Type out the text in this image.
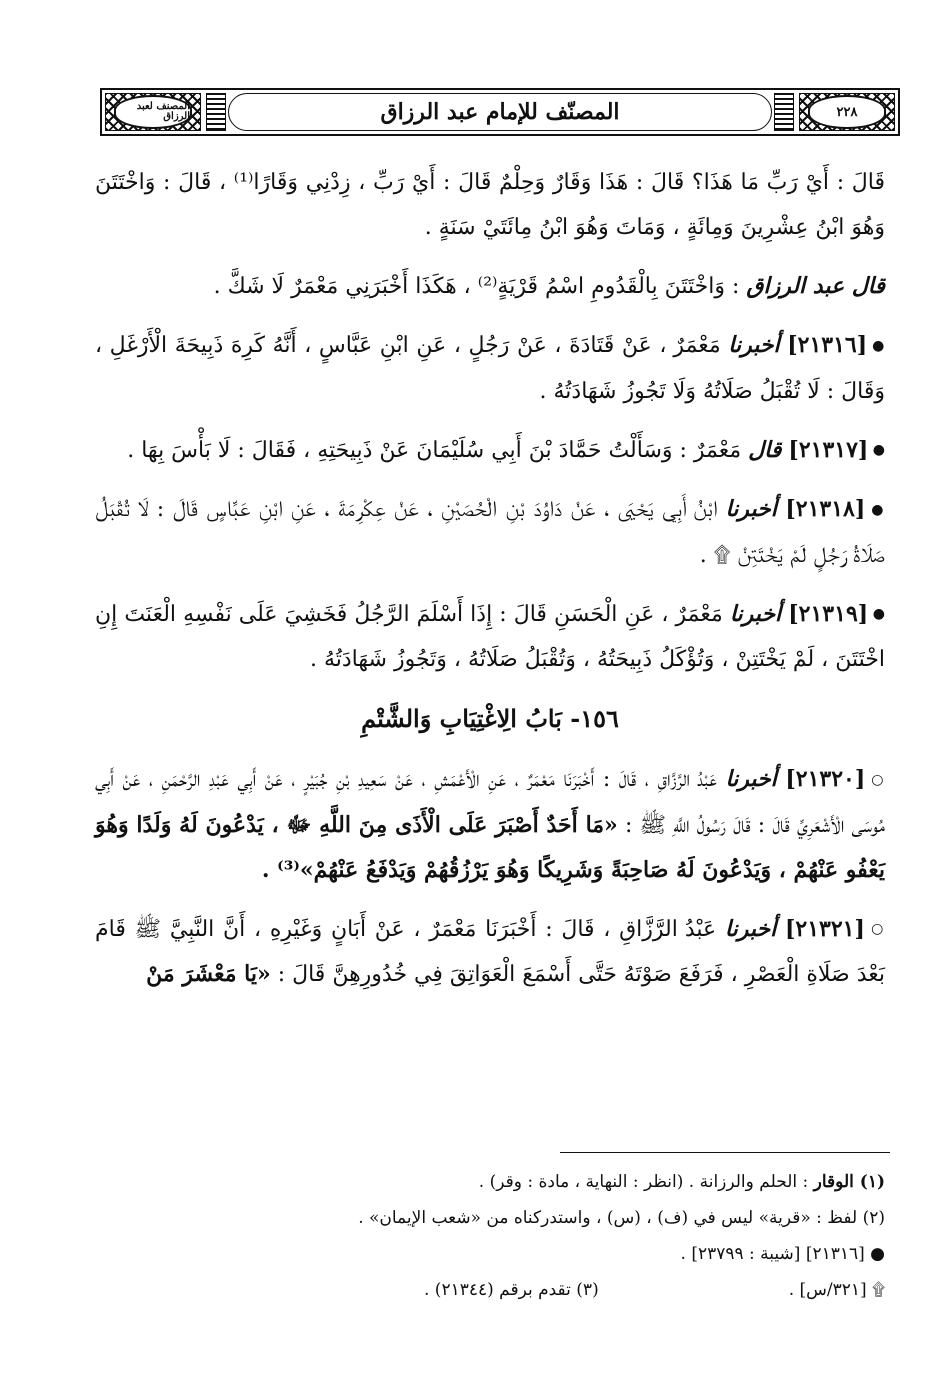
٢٢٨
المصنّف للإمام عبد الرزاق
المصنف لعبد الرزاق

قَالَ : أَيْ رَبِّ مَا هَذَا؟ قَالَ : هَذَا وَقَارٌ وَحِلْمٌ قَالَ : أَيْ رَبِّ ، زِدْنِي وَقَارًا⁽¹⁾ ، قَالَ : وَاخْتَتَنَ وَهُوَ ابْنُ عِشْرِينَ وَمِائَةٍ ، وَمَاتَ وَهُوَ ابْنُ مِائَتَيْ سَنَةٍ .

قال عبد الرزاق : وَاخْتَتَنَ بِالْقَدُومِ اسْمُ قَرْيَةٍ⁽²⁾ ، هَكَذَا أَخْبَرَنِي مَعْمَرٌ لَا شَكَّ .

● [٢١٣١٦] أخبرنا مَعْمَرٌ ، عَنْ قَتَادَةَ ، عَنْ رَجُلٍ ، عَنِ ابْنِ عَبَّاسٍ ، أَنَّهُ كَرِهَ ذَبِيحَةَ الْأَرْغَلِ ، وَقَالَ : لَا تُقْبَلُ صَلَاتُهُ وَلَا تَجُوزُ شَهَادَتُهُ .

● [٢١٣١٧] قال مَعْمَرٌ : وَسَأَلْتُ حَمَّادَ بْنَ أَبِي سُلَيْمَانَ عَنْ ذَبِيحَتِهِ ، فَقَالَ : لَا بَأْسَ بِهَا .

● [٢١٣١٨] أخبرنا ابْنُ أَبِي يَحْيَى ، عَنْ دَاوُدَ بْنِ الْحُصَيْنِ ، عَنْ عِكْرِمَةَ ، عَنِ ابْنِ عَبَّاسٍ قَالَ : لَا تُقْبَلُ صَلَاةُ رَجُلٍ لَمْ يَخْتَتِنْ ۩ .

● [٢١٣١٩] أخبرنا مَعْمَرٌ ، عَنِ الْحَسَنِ قَالَ : إِذَا أَسْلَمَ الرَّجُلُ فَخَشِيَ عَلَى نَفْسِهِ الْعَنَتَ إِنِ اخْتَتَنَ ، لَمْ يَخْتَتِنْ ، وَتُؤْكَلُ ذَبِيحَتُهُ ، وَتُقْبَلُ صَلَاتُهُ ، وَتَجُوزُ شَهَادَتُهُ .

١٥٦- بَابُ الِاغْتِيَابِ وَالشَّتْمِ

○ [٢١٣٢٠] أخبرنا عَبْدُ الرَّزَّاقِ ، قَالَ : أَخْبَرَنَا مَعْمَرٌ ، عَنِ الْأَعْمَشِ ، عَنْ سَعِيدِ بْنِ جُبَيْرٍ ، عَنْ أَبِي عَبْدِ الرَّحْمَنِ ، عَنْ أَبِي مُوسَى الْأَشْعَرِيِّ قَالَ : قَالَ رَسُولُ اللَّهِ ﷺ : «مَا أَحَدٌ أَصْبَرَ عَلَى الْأَذَى مِنَ اللَّهِ ﷻ ، يَدْعُونَ لَهُ وَلَدًا وَهُوَ يَعْفُو عَنْهُمْ ، وَيَدْعُونَ لَهُ صَاحِبَةً وَشَرِيكًا وَهُوَ يَرْزُقُهُمْ وَيَدْفَعُ عَنْهُمْ»⁽³⁾ .

○ [٢١٣٢١] أخبرنا عَبْدُ الرَّزَّاقِ ، قَالَ : أَخْبَرَنَا مَعْمَرٌ ، عَنْ أَبَانٍ وَغَيْرِهِ ، أَنَّ النَّبِيَّ ﷺ قَامَ بَعْدَ صَلَاةِ الْعَصْرِ ، فَرَفَعَ صَوْتَهُ حَتَّى أَسْمَعَ الْعَوَاتِقَ فِي خُدُورِهِنَّ قَالَ : «يَا مَعْشَرَ مَنْ

(١) الوقار : الحلم والرزانة . (انظر : النهاية ، مادة : وقر) .

(٢) لفظ : «قرية» ليس في (ف) ، (س) ، واستدركناه من «شعب الإيمان» .

● [٢١٣١٦] [شيبة : ٢٣٧٩٩] .

۩ [٣٢١/س] .
(٣) تقدم برقم (٢١٣٤٤) .
